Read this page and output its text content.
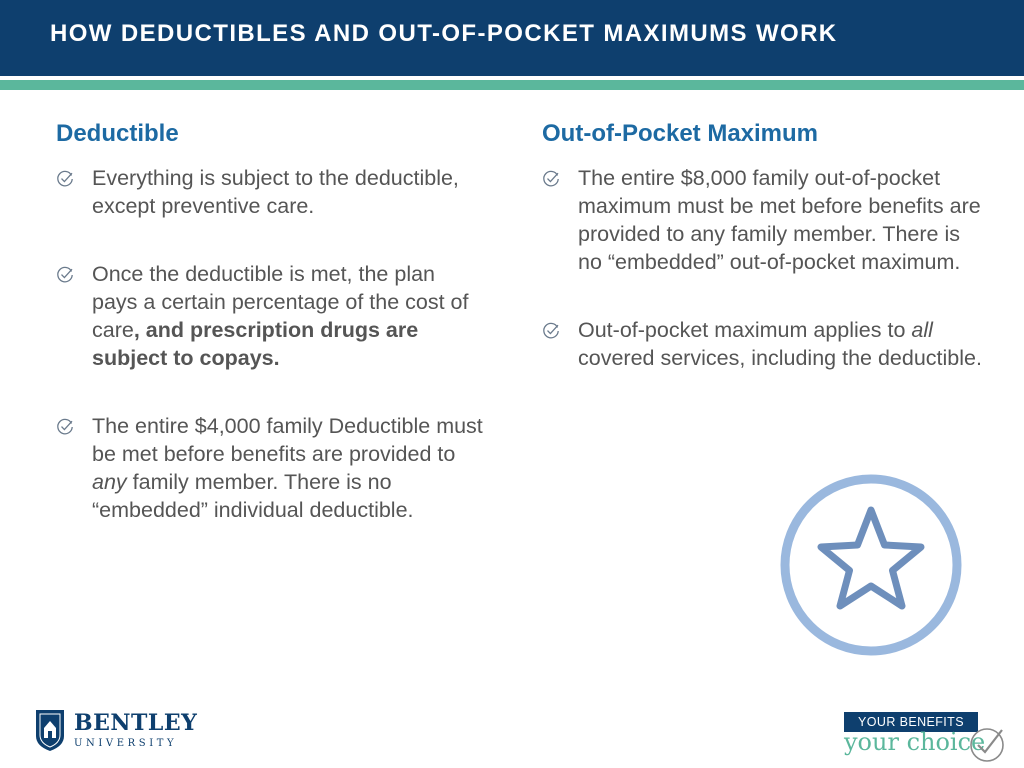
HOW DEDUCTIBLES AND OUT-OF-POCKET MAXIMUMS WORK
Deductible
Everything is subject to the deductible, except preventive care.
Once the deductible is met, the plan pays a certain percentage of the cost of care, and prescription drugs are subject to copays.
The entire $4,000 family Deductible must be met before benefits are provided to any family member. There is no “embedded” individual deductible.
Out-of-Pocket Maximum
The entire $8,000 family out-of-pocket maximum must be met before benefits are provided to any family member. There is no “embedded” out-of-pocket maximum.
Out-of-pocket maximum applies to all covered services, including the deductible.
BENTLEY
UNIVERSITY
YOUR BENEFITS
your choice
